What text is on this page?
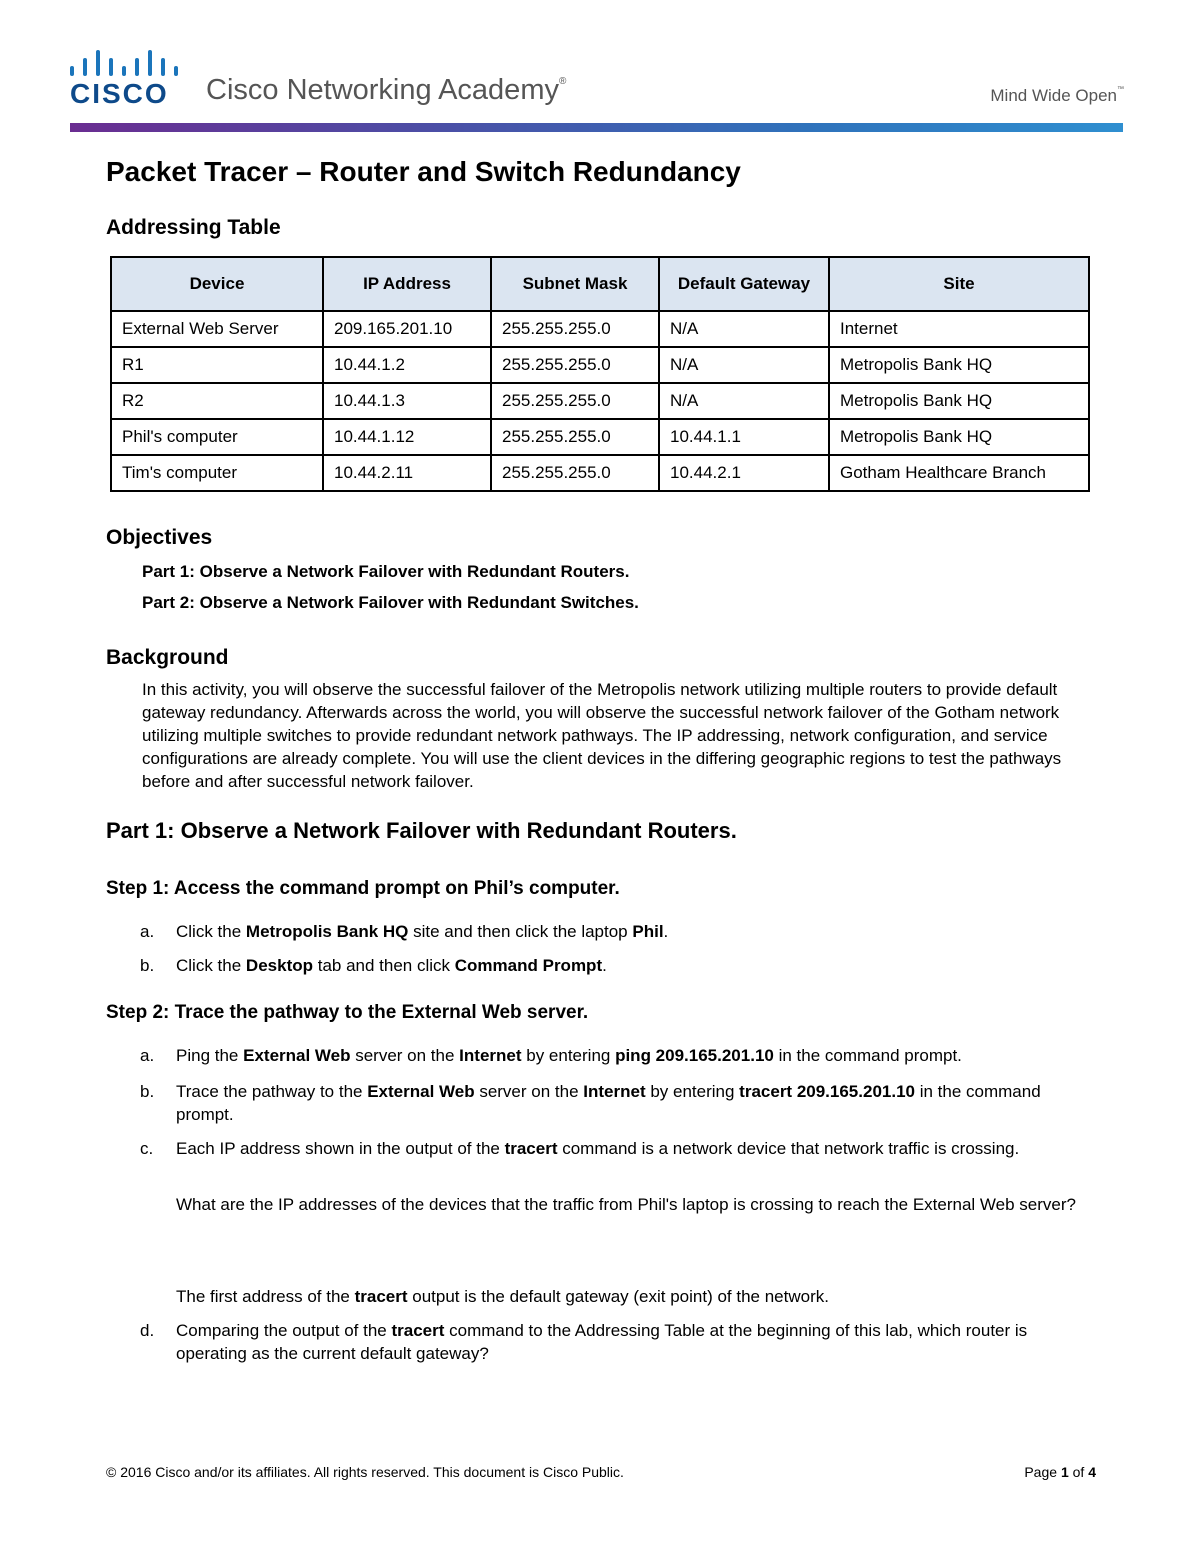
CISCO Cisco Networking Academy®
Mind Wide Open™
Packet Tracer – Router and Switch Redundancy
Addressing Table
Device	IP Address	Subnet Mask	Default Gateway	Site
External Web Server	209.165.201.10	255.255.255.0	N/A	Internet
R1	10.44.1.2	255.255.255.0	N/A	Metropolis Bank HQ
R2	10.44.1.3	255.255.255.0	N/A	Metropolis Bank HQ
Phil's computer	10.44.1.12	255.255.255.0	10.44.1.1	Metropolis Bank HQ
Tim's computer	10.44.2.11	255.255.255.0	10.44.2.1	Gotham Healthcare Branch
Objectives
Part 1: Observe a Network Failover with Redundant Routers.
Part 2: Observe a Network Failover with Redundant Switches.
Background

In this activity, you will observe the successful failover of the Metropolis network utilizing multiple routers to provide default gateway redundancy. Afterwards across the world, you will observe the successful network failover of the Gotham network utilizing multiple switches to provide redundant network pathways. The IP addressing, network configuration, and service configurations are already complete. You will use the client devices in the differing geographic regions to test the pathways before and after successful network failover.

Part 1: Observe a Network Failover with Redundant Routers.
Step 1: Access the command prompt on Phil’s computer.
a. Click the Metropolis Bank HQ site and then click the laptop Phil.
b. Click the Desktop tab and then click Command Prompt.
Step 2: Trace the pathway to the External Web server.
a. Ping the External Web server on the Internet by entering ping 209.165.201.10 in the command prompt.
b. Trace the pathway to the External Web server on the Internet by entering tracert 209.165.201.10 in the command prompt.
c. Each IP address shown in the output of the tracert command is a network device that network traffic is crossing.
What are the IP addresses of the devices that the traffic from Phil's laptop is crossing to reach the External Web server?
The first address of the tracert output is the default gateway (exit point) of the network.
d. Comparing the output of the tracert command to the Addressing Table at the beginning of this lab, which router is operating as the current default gateway?
© 2016 Cisco and/or its affiliates. All rights reserved. This document is Cisco Public.	Page 1 of 4
